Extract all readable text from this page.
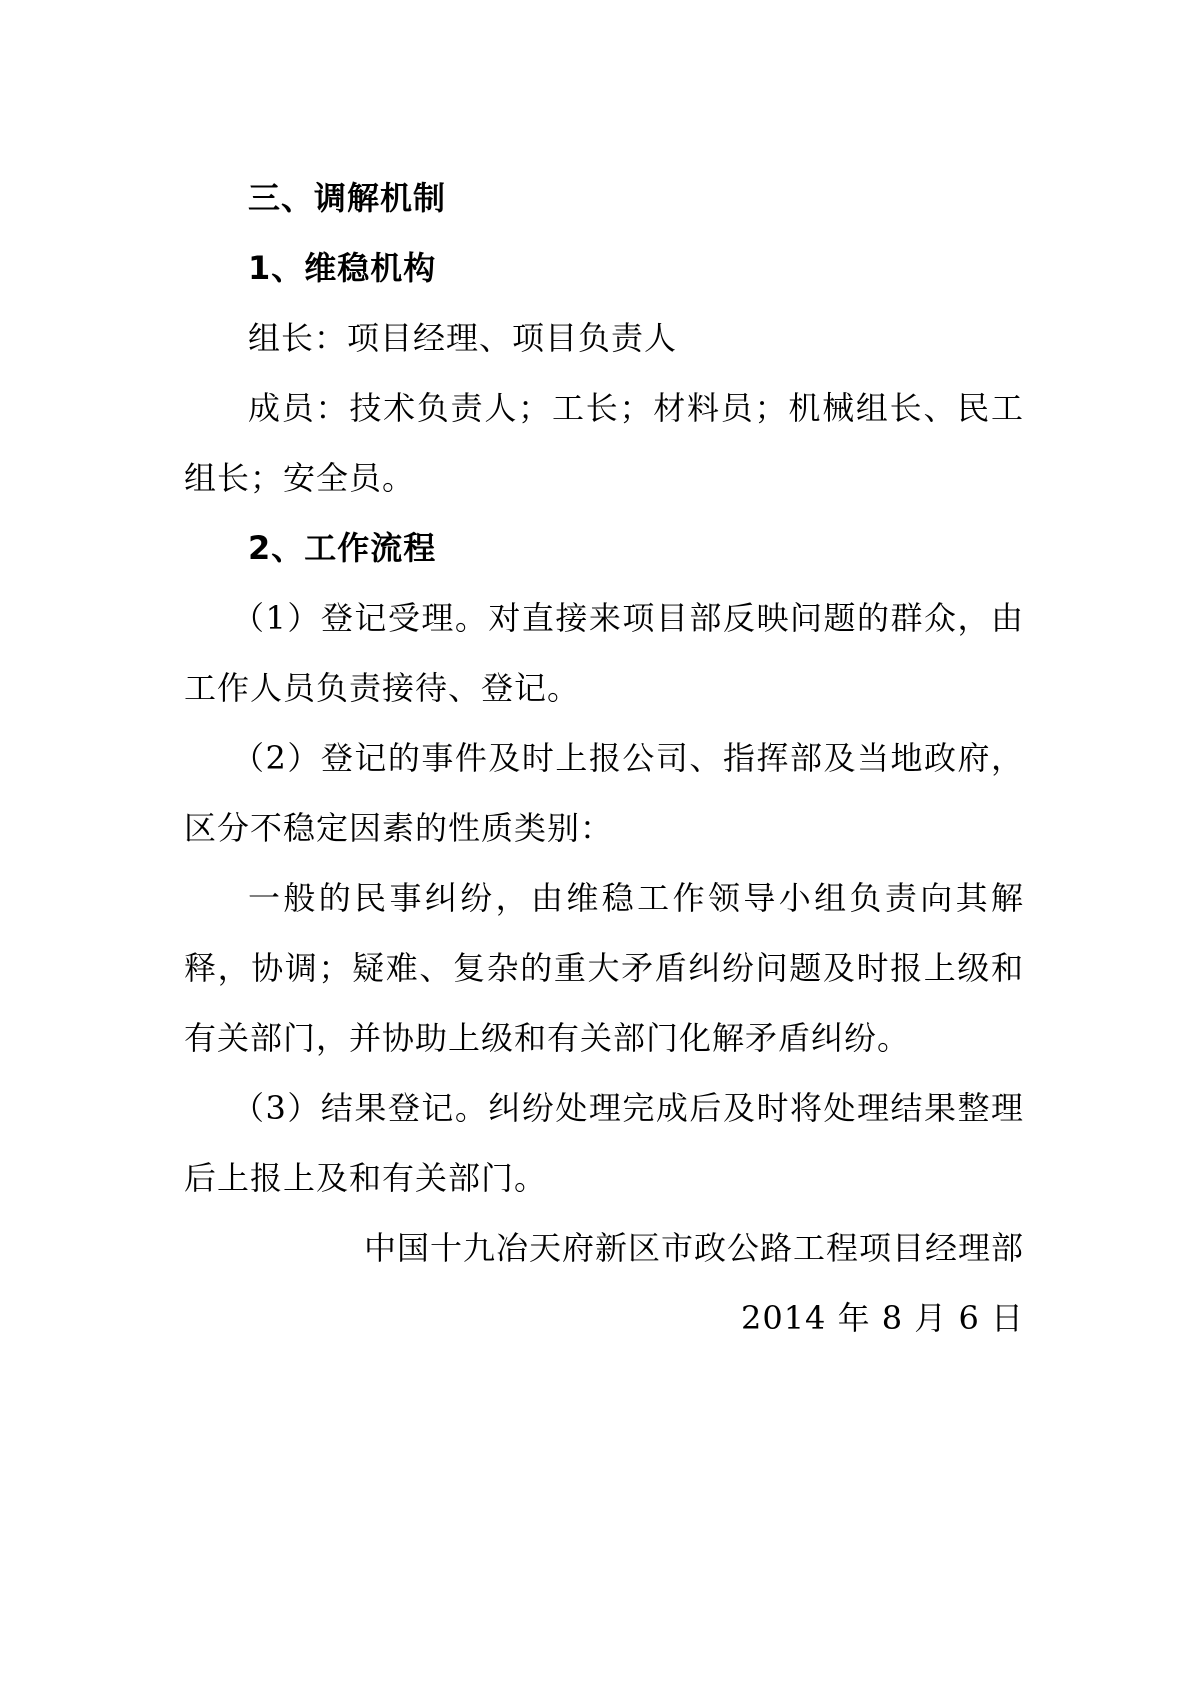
三、调解机制

1、维稳机构

组长：项目经理、项目负责人

成员：技术负责人；工长；材料员；机械组长、民工组长；安全员。

2、工作流程

（1）登记受理。对直接来项目部反映问题的群众，由工作人员负责接待、登记。

（2）登记的事件及时上报公司、指挥部及当地政府，区分不稳定因素的性质类别：

一般的民事纠纷，由维稳工作领导小组负责向其解释，协调；疑难、复杂的重大矛盾纠纷问题及时报上级和有关部门，并协助上级和有关部门化解矛盾纠纷。

（3）结果登记。纠纷处理完成后及时将处理结果整理后上报上及和有关部门。

中国十九冶天府新区市政公路工程项目经理部

2014 年 8 月 6 日
